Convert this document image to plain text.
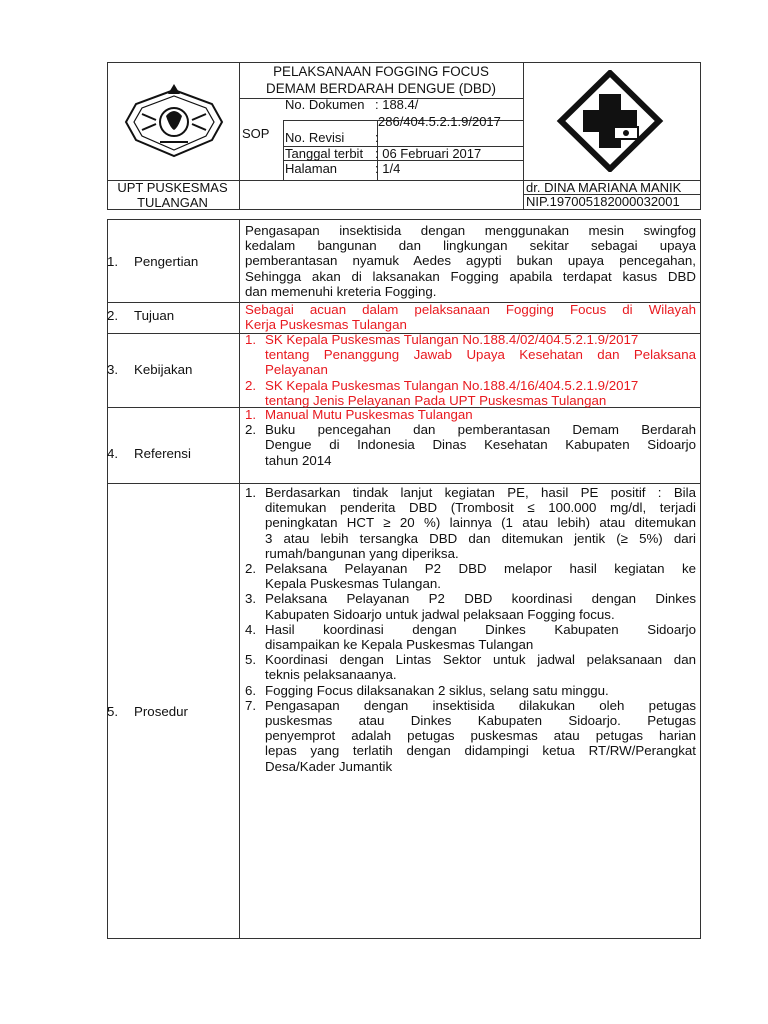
PELAKSANAAN FOGGING FOCUS
DEMAM BERDARAH DENGUE (DBD)
SOP
No. Dokumen : 188.4/
286/404.5.2.1.9/2017
No. Revisi :
Tanggal terbit : 06 Februari 2017
Halaman	: 1/4
UPT PUSKESMAS
TULANGAN
dr. DINA MARIANA MANIK
NIP.197005182000032001
1. Pengertian
Pengasapan insektisida dengan menggunakan mesin swingfog
kedalam bangunan dan lingkungan sekitar sebagai upaya
pemberantasan nyamuk Aedes agypti bukan upaya pencegahan,
Sehingga akan di laksanakan Fogging apabila terdapat kasus DBD
dan memenuhi kreteria Fogging.
2. Tujuan	Sebagai acuan dalam pelaksanaan Fogging Focus di Wilayah
Kerja Puskesmas Tulangan
3. Kebijakan
1. SK Kepala Puskesmas Tulangan No.188.4/02/404.5.2.1.9/2017
tentang Penanggung Jawab Upaya Kesehatan dan Pelaksana
Pelayanan
2. SK Kepala Puskesmas Tulangan No.188.4/16/404.5.2.1.9/2017
tentang Jenis Pelayanan Pada UPT Puskesmas Tulangan
4. Referensi
1. Manual Mutu Puskesmas Tulangan
2. Buku pencegahan dan pemberantasan Demam Berdarah
Dengue di Indonesia Dinas Kesehatan Kabupaten Sidoarjo
tahun 2014
5. Prosedur
1. Berdasarkan tindak lanjut kegiatan PE, hasil PE positif : Bila
ditemukan penderita DBD (Trombosit ≤ 100.000 mg/dl, terjadi
peningkatan HCT ≥ 20 %) lainnya (1 atau lebih) atau ditemukan
3 atau lebih tersangka DBD dan ditemukan jentik (≥ 5%) dari
rumah/bangunan yang diperiksa.
2. Pelaksana Pelayanan P2 DBD melapor hasil kegiatan ke
Kepala Puskesmas Tulangan.
3. Pelaksana Pelayanan P2 DBD koordinasi dengan Dinkes
Kabupaten Sidoarjo untuk jadwal pelaksaan Fogging focus.
4. Hasil koordinasi dengan Dinkes Kabupaten Sidoarjo
disampaikan ke Kepala Puskesmas Tulangan
5. Koordinasi dengan Lintas Sektor untuk jadwal pelaksanaan dan
teknis pelaksanaanya.
6. Fogging Focus dilaksanakan 2 siklus, selang satu minggu.
7. Pengasapan dengan insektisida dilakukan oleh petugas
puskesmas atau Dinkes Kabupaten Sidoarjo. Petugas
penyemprot adalah petugas puskesmas atau petugas harian
lepas yang terlatih dengan didampingi ketua RT/RW/Perangkat
Desa/Kader Jumantik
